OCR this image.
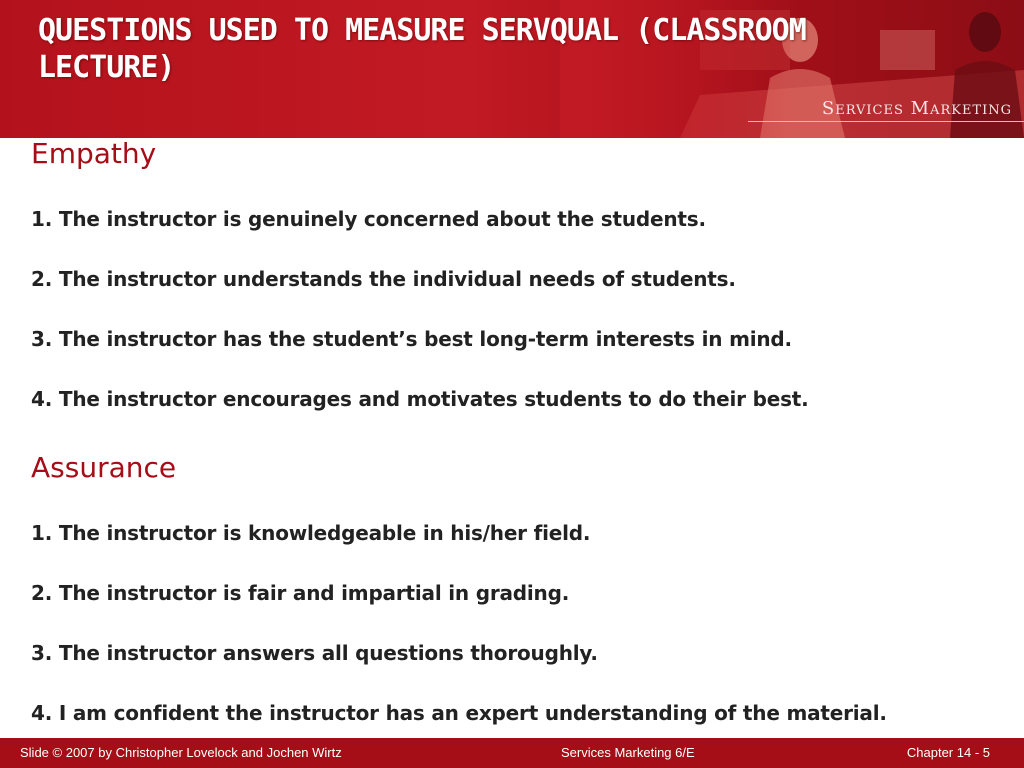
QUESTIONS USED TO MEASURE SERVQUAL (CLASSROOM LECTURE)
Services Marketing
Empathy

1. The instructor is genuinely concerned about the students.

2. The instructor understands the individual needs of students.

3. The instructor has the student’s best long-term interests in mind.

4. The instructor encourages and motivates students to do their best.

Assurance

1. The instructor is knowledgeable in his/her field.

2. The instructor is fair and impartial in grading.

3. The instructor answers all questions thoroughly.

4. I am confident the instructor has an expert understanding of the material.

Slide © 2007 by Christopher Lovelock and Jochen Wirtz	Services Marketing 6/E	Chapter 14 - 5
